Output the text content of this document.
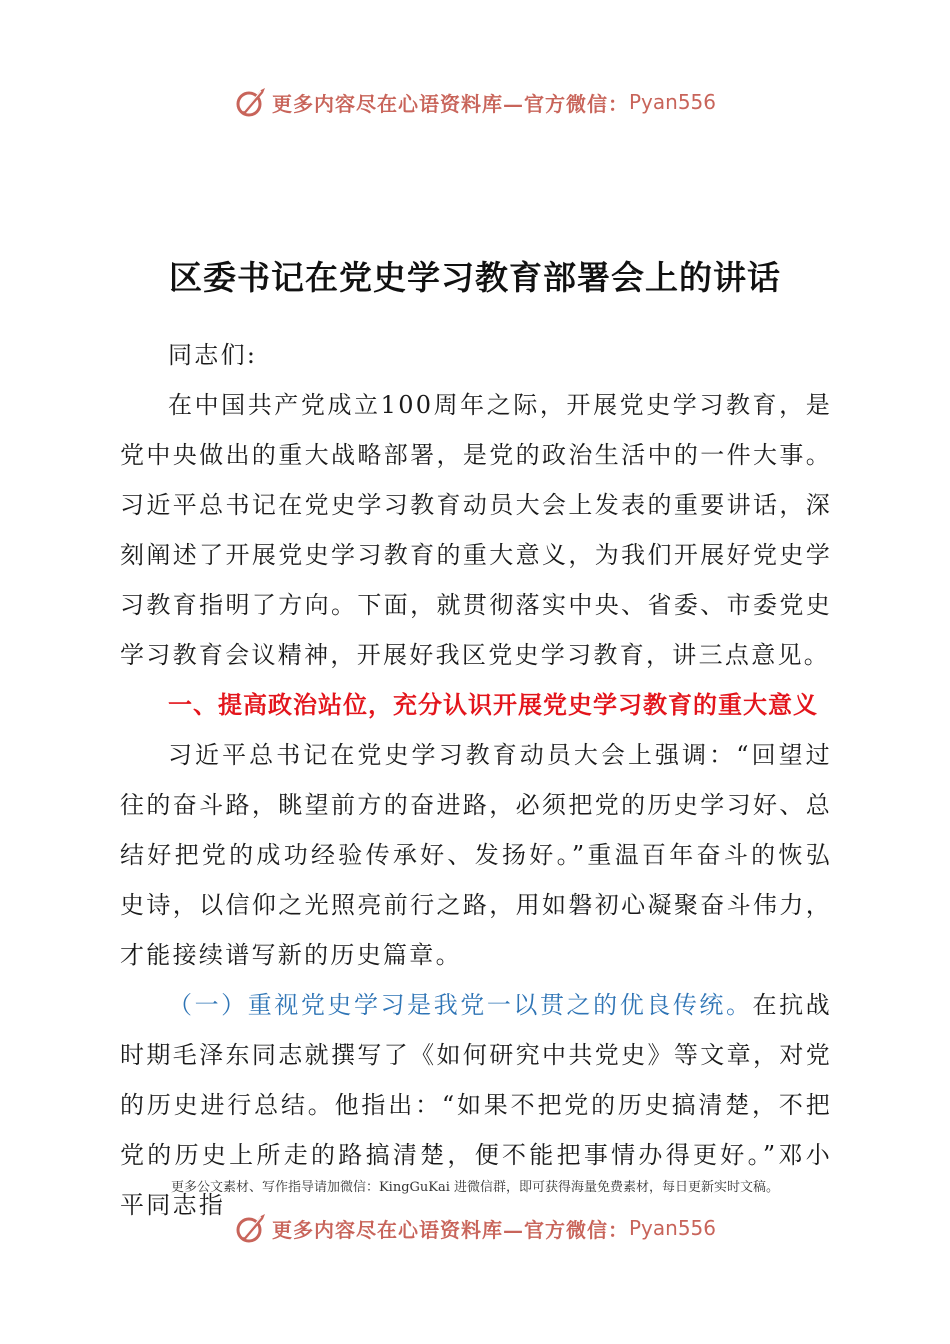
更多内容尽在心语资料库—官方微信： Pyan556
区委书记在党史学习教育部署会上的讲话

同志们:

在中国共产党成立100周年之际，开展党史学习教育，是党中央做出的重大战略部署，是党的政治生活中的一件大事。习近平总书记在党史学习教育动员大会上发表的重要讲话，深刻阐述了开展党史学习教育的重大意义，为我们开展好党史学习教育指明了方向。下面，就贯彻落实中央、省委、市委党史学习教育会议精神，开展好我区党史学习教育，讲三点意见。

一、提高政治站位，充分认识开展党史学习教育的重大意义

习近平总书记在党史学习教育动员大会上强调：“回望过往的奋斗路，眺望前方的奋进路，必须把党的历史学习好、总结好把党的成功经验传承好、发扬好。”重温百年奋斗的恢弘史诗，以信仰之光照亮前行之路，用如磐初心凝聚奋斗伟力，才能接续谱写新的历史篇章。

（一）重视党史学习是我党一以贯之的优良传统。在抗战时期毛泽东同志就撰写了《如何研究中共党史》等文章，对党的历史进行总结。他指出：“如果不把党的历史搞清楚，不把党的历史上所走的路搞清楚，便不能把事情办得更好。”邓小平同志指

更多公文素材、写作指导请加微信：KingGuKai 进微信群，即可获得海量免费素材，每日更新实时文稿。
更多内容尽在心语资料库—官方微信： Pyan556
